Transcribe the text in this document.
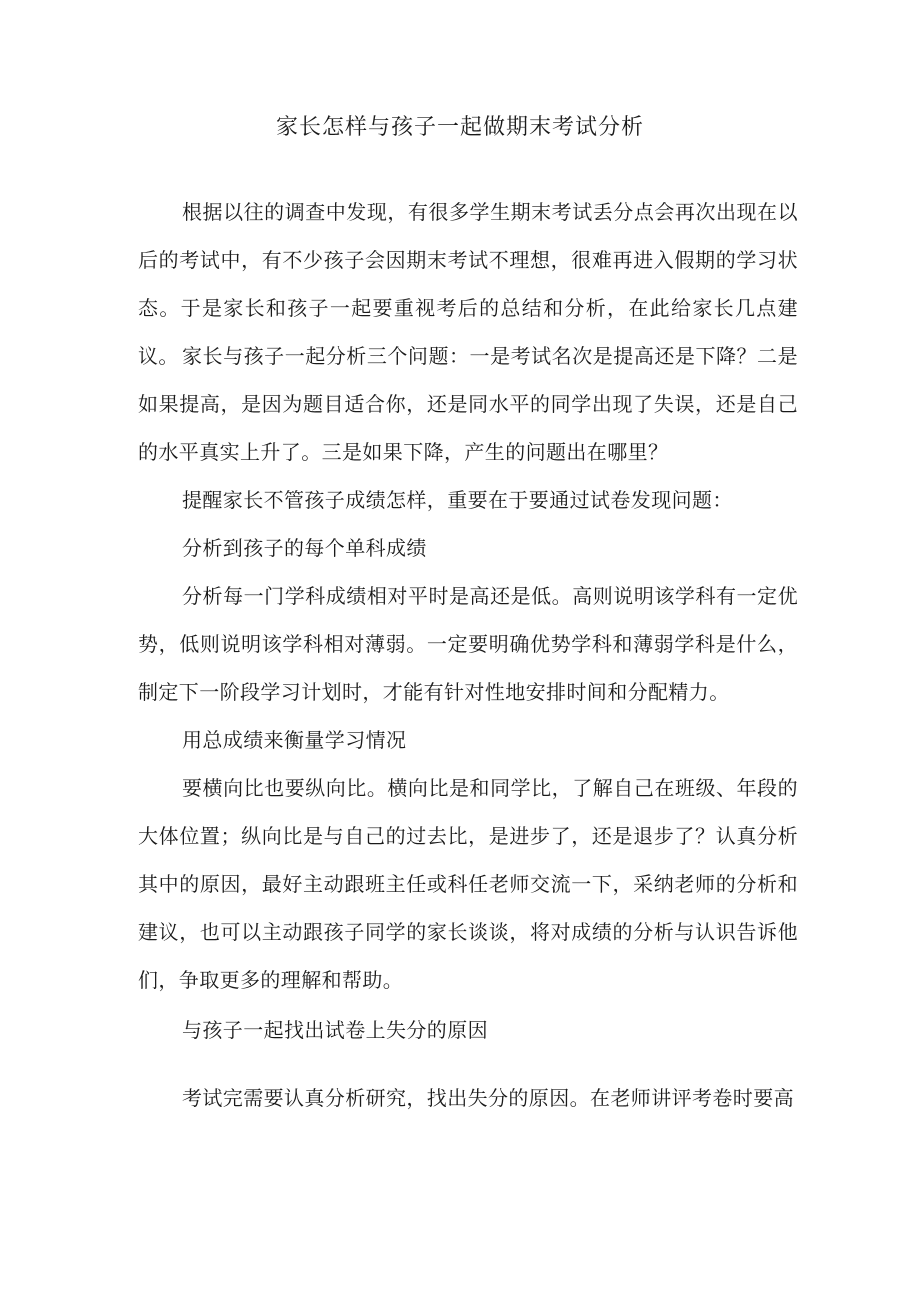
家长怎样与孩子一起做期末考试分析

根据以往的调查中发现，有很多学生期末考试丢分点会再次出现在以后的考试中，有不少孩子会因期末考试不理想，很难再进入假期的学习状态。于是家长和孩子一起要重视考后的总结和分析，在此给家长几点建议。 家长与孩子一起分析三个问题：一是考试名次是提高还是下降？二是如果提高，是因为题目适合你，还是同水平的同学出现了失误，还是自己的水平真实上升了。三是如果下降，产生的问题出在哪里？

提醒家长不管孩子成绩怎样，重要在于要通过试卷发现问题：

分析到孩子的每个单科成绩

分析每一门学科成绩相对平时是高还是低。高则说明该学科有一定优势，低则说明该学科相对薄弱。一定要明确优势学科和薄弱学科是什么，制定下一阶段学习计划时，才能有针对性地安排时间和分配精力。

用总成绩来衡量学习情况

要横向比也要纵向比。横向比是和同学比，了解自己在班级、年段的大体位置；纵向比是与自己的过去比，是进步了，还是退步了？认真分析其中的原因，最好主动跟班主任或科任老师交流一下，采纳老师的分析和建议，也可以主动跟孩子同学的家长谈谈，将对成绩的分析与认识告诉他们，争取更多的理解和帮助。

与孩子一起找出试卷上失分的原因

考试完需要认真分析研究，找出失分的原因。在老师讲评考卷时要高
